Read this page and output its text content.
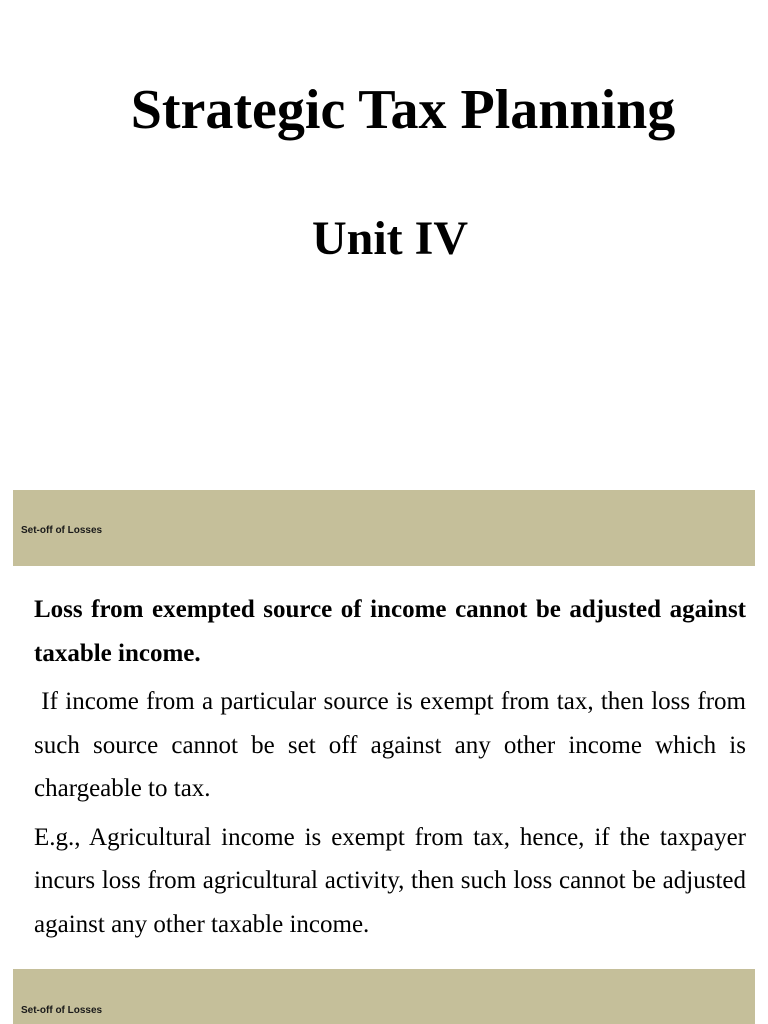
Strategic Tax Planning
Unit IV
Set-off of Losses

Loss from exempted source of income cannot be adjusted against taxable income.

If income from a particular source is exempt from tax, then loss from such source cannot be set off against any other income which is chargeable to tax.

E.g., Agricultural income is exempt from tax, hence, if the taxpayer incurs loss from agricultural activity, then such loss cannot be adjusted against any other taxable income.

Set-off of Losses
